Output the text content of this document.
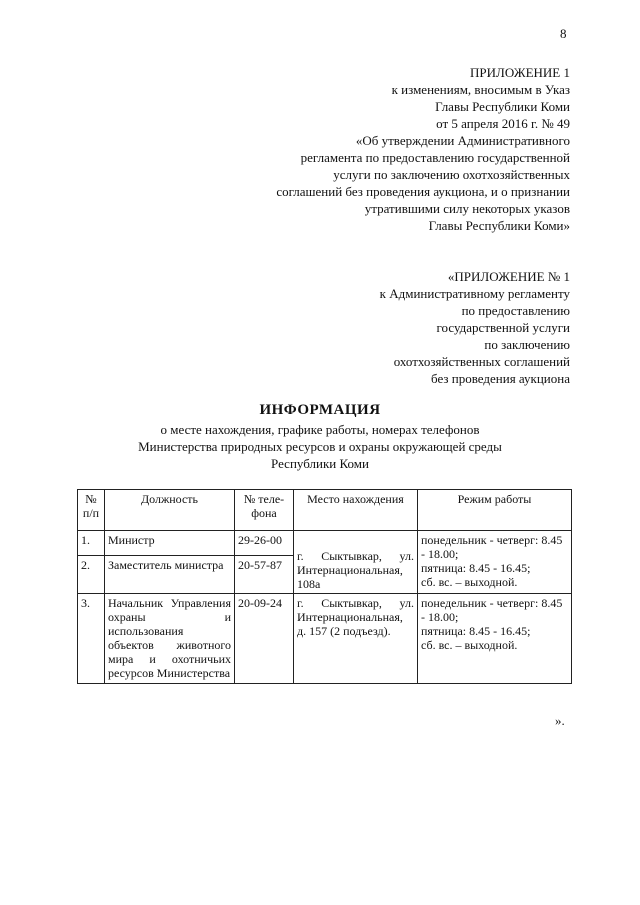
8
ПРИЛОЖЕНИЕ 1
к изменениям, вносимым в Указ
Главы Республики Коми
от 5 апреля 2016 г. № 49
«Об утверждении Административного
регламента по предоставлению государственной
услуги по заключению охотхозяйственных
соглашений без проведения аукциона, и о признании
утратившими силу некоторых указов
Главы Республики Коми»
«ПРИЛОЖЕНИЕ № 1
к Административному регламенту
по предоставлению
государственной услуги
по заключению
охотхозяйственных соглашений
без проведения аукциона
ИНФОРМАЦИЯ
о месте нахождения, графике работы, номерах телефонов
Министерства природных ресурсов и охраны окружающей среды
Республики Коми
№ п/п	Должность	№ теле-фона	Место нахождения	Режим работы
1.	Министр	29-26-00	г. Сыктывкар, ул. Интернациональная, 108а	понедельник - четверг: 8.45 - 18.00;
пятница: 8.45 - 16.45;
сб. вс. – выходной.

2.	Заместитель министра	20-57-87		
3.	Начальник Управления охраны и использования объектов животного мира и охотничьих ресурсов Министерства	20-09-24	г. Сыктывкар, ул. Интернациональная, д. 157 (2 подъезд).	понедельник - четверг: 8.45 - 18.00;
пятница: 8.45 - 16.45;
сб. вс. – выходной.
».
